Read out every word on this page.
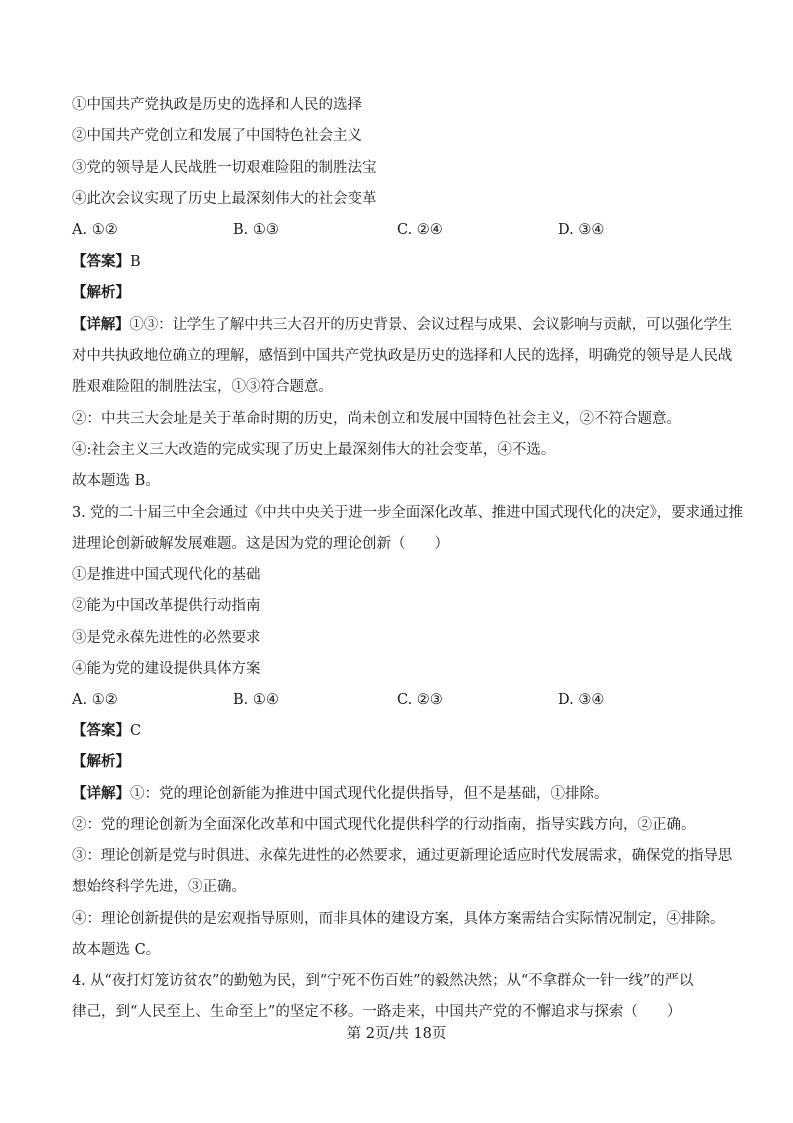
①中国共产党执政是历史的选择和人民的选择
②中国共产党创立和发展了中国特色社会主义
③党的领导是人民战胜一切艰难险阻的制胜法宝
④此次会议实现了历史上最深刻伟大的社会变革
A. ①②	B. ①③	C. ②④	D. ③④
【答案】B
【解析】
【详解】①③：让学生了解中共三大召开的历史背景、会议过程与成果、会议影响与贡献，可以强化学生
对中共执政地位确立的理解，感悟到中国共产党执政是历史的选择和人民的选择，明确党的领导是人民战
胜艰难险阻的制胜法宝，①③符合题意。
②：中共三大会址是关于革命时期的历史，尚未创立和发展中国特色社会主义，②不符合题意。
④:社会主义三大改造的完成实现了历史上最深刻伟大的社会变革，④不选。
故本题选 B。
3. 党的二十届三中全会通过《中共中央关于进一步全面深化改革、推进中国式现代化的决定》，要求通过推
进理论创新破解发展难题。这是因为党的理论创新（　　）
①是推进中国式现代化的基础
②能为中国改革提供行动指南
③是党永葆先进性的必然要求
④能为党的建设提供具体方案
A. ①②	B. ①④	C. ②③	D. ③④
【答案】C
【解析】
【详解】①：党的理论创新能为推进中国式现代化提供指导，但不是基础，①排除。
②：党的理论创新为全面深化改革和中国式现代化提供科学的行动指南，指导实践方向，②正确。
③：理论创新是党与时俱进、永葆先进性的必然要求，通过更新理论适应时代发展需求，确保党的指导思
想始终科学先进，③正确。
④：理论创新提供的是宏观指导原则，而非具体的建设方案，具体方案需结合实际情况制定，④排除。
故本题选 C。
4. 从“夜打灯笼访贫农”的勤勉为民，到“宁死不伤百姓”的毅然决然；从“不拿群众一针一线”的严以
律己，到“人民至上、生命至上”的坚定不移。一路走来，中国共产党的不懈追求与探索（　　）
第 2页/共 18页
